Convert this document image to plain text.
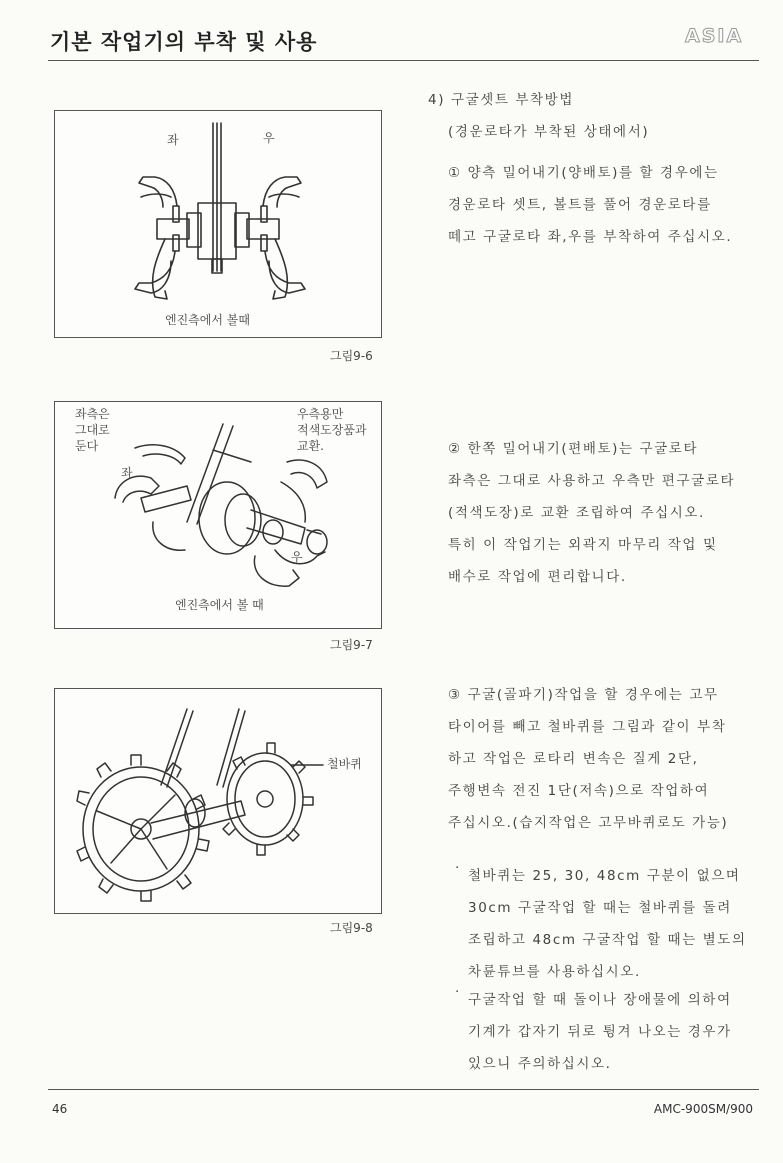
기본 작업기의 부착 및 사용	ASIA
좌	우
엔진측에서 볼때
그림9-6
좌측은
그대로
둔다
우측용만
적색도장품과
교환.
좌
우
엔진측에서 볼 때
그림9-7
철바퀴
그림9-8

4) 구굴셋트 부착방법

(경운로타가 부착된 상태에서)

① 양측 밀어내기(양배토)를 할 경우에는

경운로타 셋트, 볼트를 풀어 경운로타를

떼고 구굴로타 좌,우를 부착하여 주십시오.

② 한쪽 밀어내기(편배토)는 구굴로타

좌측은 그대로 사용하고 우측만 편구굴로타

(적색도장)로 교환 조립하여 주십시오.

특히 이 작업기는 외곽지 마무리 작업 및

배수로 작업에 편리합니다.

③ 구굴(골파기)작업을 할 경우에는 고무

타이어를 빼고 철바퀴를 그림과 같이 부착

하고 작업은 로타리 변속은 질게 2단,

주행변속 전진 1단(저속)으로 작업하여

주십시오.(습지작업은 고무바퀴로도 가능)

· 철바퀴는 25, 30, 48cm 구분이 없으며

30cm 구굴작업 할 때는 철바퀴를 돌려

조립하고 48cm 구굴작업 할 때는 별도의

차륜튜브를 사용하십시오.

· 구굴작업 할 때 돌이나 장애물에 의하여

기계가 갑자기 뒤로 튕겨 나오는 경우가

있으니 주의하십시오.

46	AMC-900SM/900
